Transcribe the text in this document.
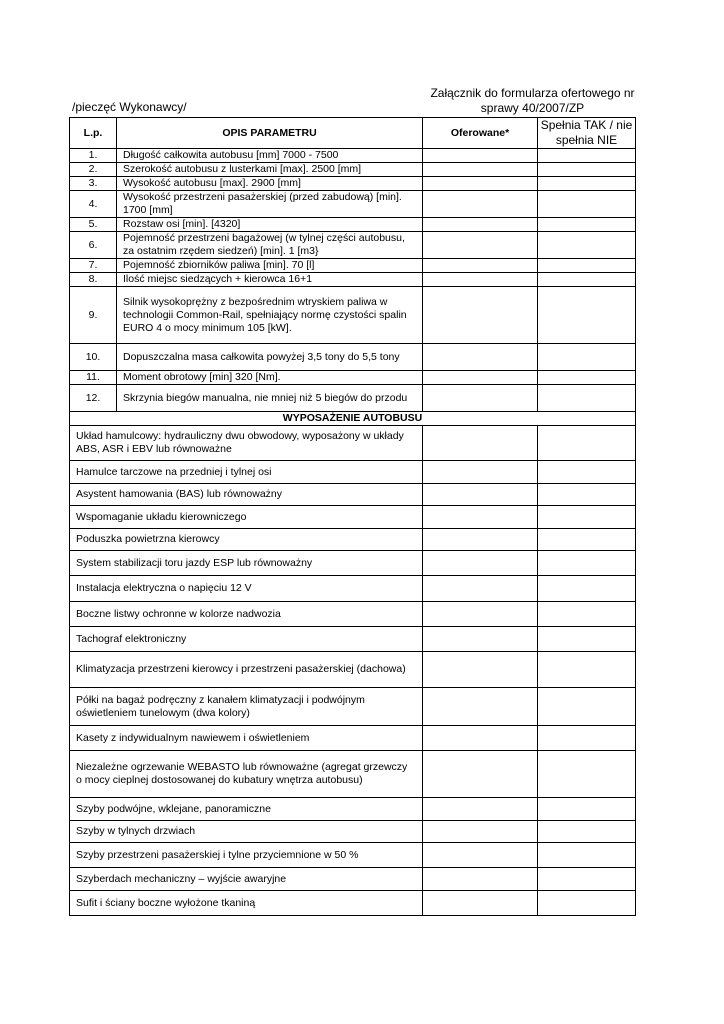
Załącznik do formularza ofertowego nr
sprawy 40/2007/ZP
/pieczęć Wykonawcy/
L.p.	OPIS PARAMETRU	Oferowane*	Spełnia TAK / nie spełnia NIE
1.	Długość całkowita autobusu [mm] 7000 - 7500		
2.	Szerokość autobusu z lusterkami [max]. 2500 [mm]		
3.	Wysokość autobusu [max]. 2900 [mm]		
4.	Wysokość przestrzeni pasażerskiej (przed zabudową) [min]. 1700 [mm]		
5.	Rozstaw osi [min]. [4320]		
6.	Pojemność przestrzeni bagażowej (w tylnej części autobusu, za ostatnim rzędem siedzeń) [min]. 1 [m3}		
7.	Pojemność zbiorników paliwa [min]. 70 [l]		
8.	Ilość miejsc siedzących + kierowca 16+1		
9.	Silnik wysokoprężny z bezpośrednim wtryskiem paliwa w technologii Common-Rail, spełniający normę czystości spalin EURO 4 o mocy minimum 105 [kW].		
10.	Dopuszczalna masa całkowita powyżej 3,5 tony do 5,5 tony		
11.	Moment obrotowy [min] 320 [Nm].		
12.	Skrzynia biegów manualna, nie mniej niż 5 biegów do przodu		
WYPOSAŻENIE AUTOBUSU			
Układ hamulcowy: hydrauliczny dwu obwodowy, wyposażony w układy ABS, ASR i EBV lub równoważne			
Hamulce tarczowe na przedniej i tylnej osi			
Asystent hamowania (BAS) lub równoważny			
Wspomaganie układu kierowniczego			
Poduszka powietrzna kierowcy			
System stabilizacji toru jazdy ESP lub równoważny			
Instalacja elektryczna o napięciu 12 V			
Boczne listwy ochronne w kolorze nadwozia			
Tachograf elektroniczny			
Klimatyzacja przestrzeni kierowcy i przestrzeni pasażerskiej (dachowa)			
Półki na bagaż podręczny z kanałem klimatyzacji i podwójnym oświetleniem tunelowym (dwa kolory)			
Kasety z indywidualnym nawiewem i oświetleniem			
Niezależne ogrzewanie WEBASTO lub równoważne (agregat grzewczy o mocy cieplnej dostosowanej do kubatury wnętrza autobusu)			
Szyby podwójne, wklejane, panoramiczne			
Szyby w tylnych drzwiach			
Szyby przestrzeni pasażerskiej i tylne przyciemnione w 50 %			
Szyberdach mechaniczny – wyjście awaryjne			
Sufit i ściany boczne wyłożone tkaniną			
